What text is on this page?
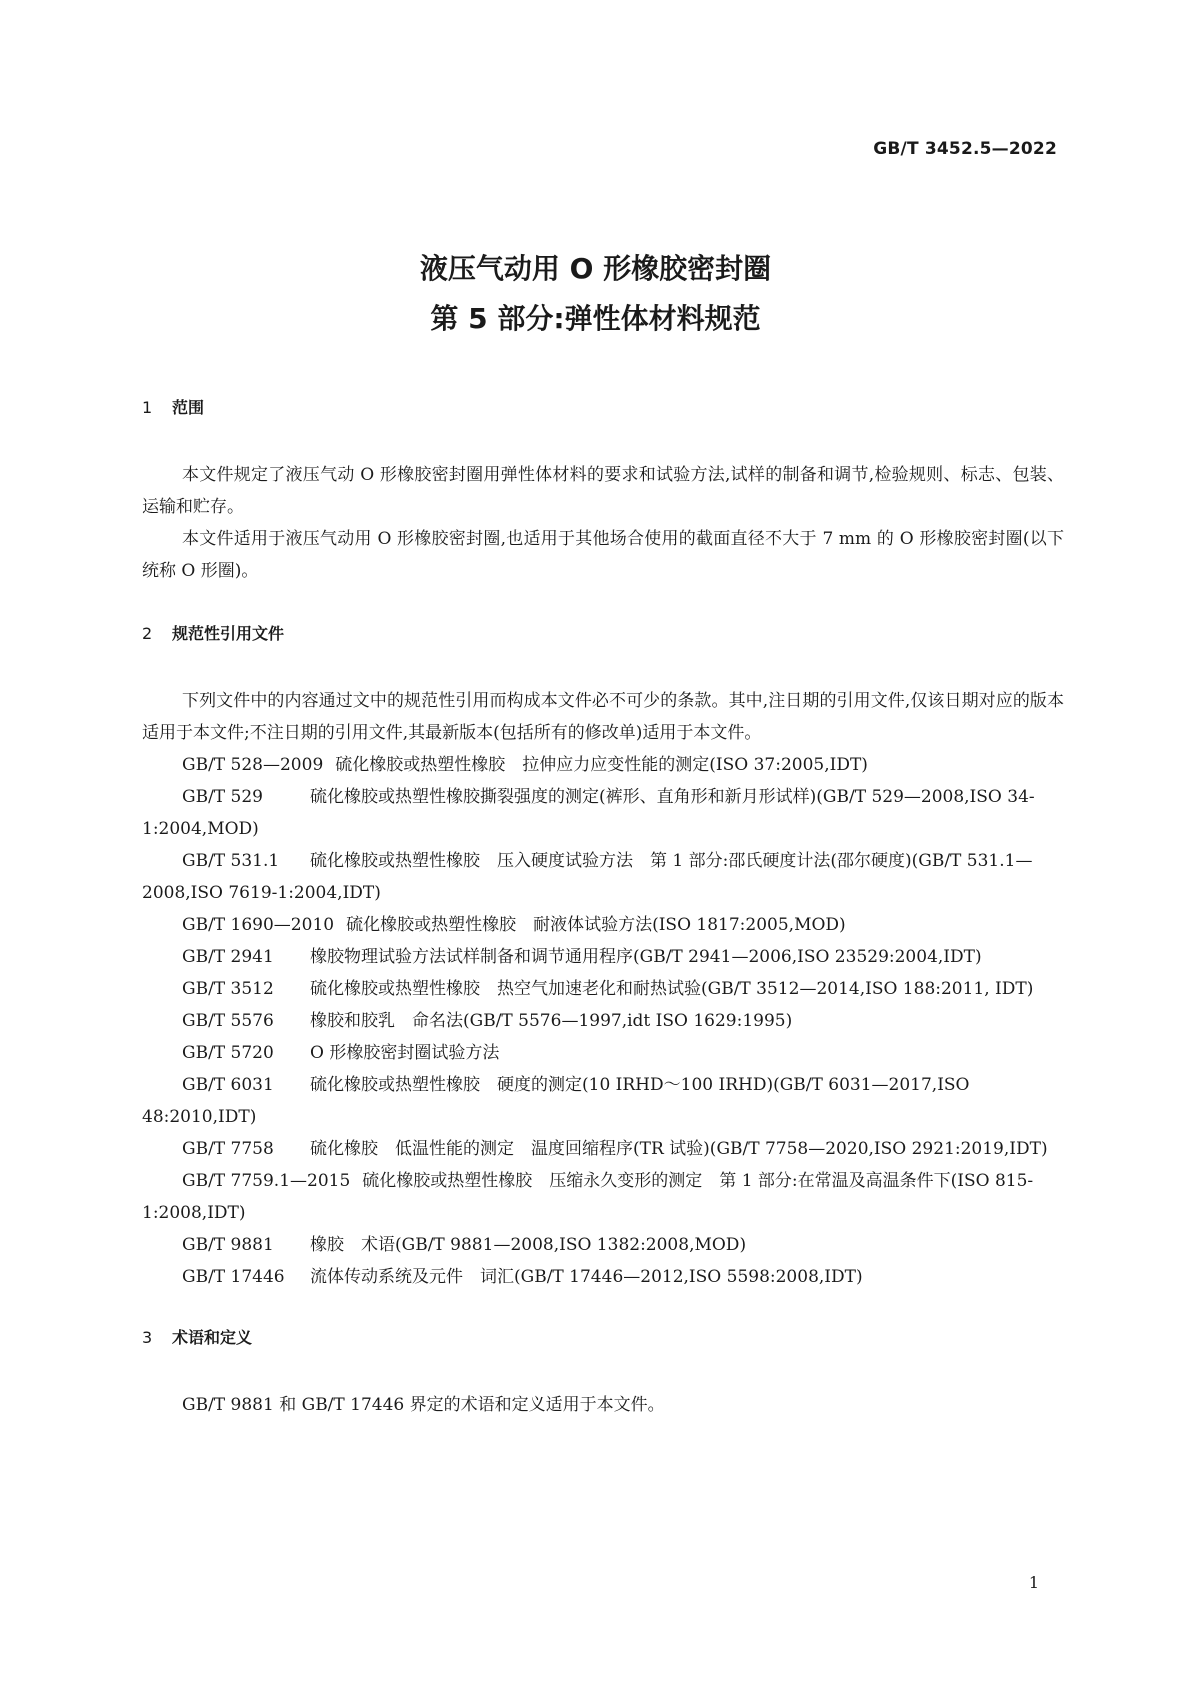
GB/T 3452.5—2022
液压气动用 O 形橡胶密封圈
第 5 部分:弹性体材料规范
1 范围

本文件规定了液压气动 O 形橡胶密封圈用弹性体材料的要求和试验方法,试样的制备和调节,检验规则、标志、包装、运输和贮存。

本文件适用于液压气动用 O 形橡胶密封圈,也适用于其他场合使用的截面直径不大于 7 mm 的 O 形橡胶密封圈(以下统称 O 形圈)。

2 规范性引用文件

下列文件中的内容通过文中的规范性引用而构成本文件必不可少的条款。其中,注日期的引用文件,仅该日期对应的版本适用于本文件;不注日期的引用文件,其最新版本(包括所有的修改单)适用于本文件。

GB/T 528—2009 硫化橡胶或热塑性橡胶　拉伸应力应变性能的测定(ISO 37:2005,IDT)

GB/T 529	硫化橡胶或热塑性橡胶撕裂强度的测定(裤形、直角形和新月形试样)(GB/T 529—2008,ISO 34-1:2004,MOD)

GB/T 531.1 硫化橡胶或热塑性橡胶　压入硬度试验方法　第 1 部分:邵氏硬度计法(邵尔硬度)(GB/T 531.1—2008,ISO 7619-1:2004,IDT)

GB/T 1690—2010 硫化橡胶或热塑性橡胶　耐液体试验方法(ISO 1817:2005,MOD)

GB/T 2941 橡胶物理试验方法试样制备和调节通用程序(GB/T 2941—2006,ISO 23529:2004,IDT)

GB/T 3512 硫化橡胶或热塑性橡胶　热空气加速老化和耐热试验(GB/T 3512—2014,ISO 188:2011, IDT)

GB/T 5576 橡胶和胶乳　命名法(GB/T 5576—1997,idt ISO 1629:1995)

GB/T 5720 O 形橡胶密封圈试验方法

GB/T 6031 硫化橡胶或热塑性橡胶　硬度的测定(10 IRHD～100 IRHD)(GB/T 6031—2017,ISO 48:2010,IDT)

GB/T 7758 硫化橡胶　低温性能的测定　温度回缩程序(TR 试验)(GB/T 7758—2020,ISO 2921:2019,IDT)

GB/T 7759.1—2015 硫化橡胶或热塑性橡胶　压缩永久变形的测定　第 1 部分:在常温及高温条件下(ISO 815-1:2008,IDT)

GB/T 9881 橡胶　术语(GB/T 9881—2008,ISO 1382:2008,MOD)

GB/T 17446 流体传动系统及元件　词汇(GB/T 17446—2012,ISO 5598:2008,IDT)

3 术语和定义

GB/T 9881 和 GB/T 17446 界定的术语和定义适用于本文件。

1
